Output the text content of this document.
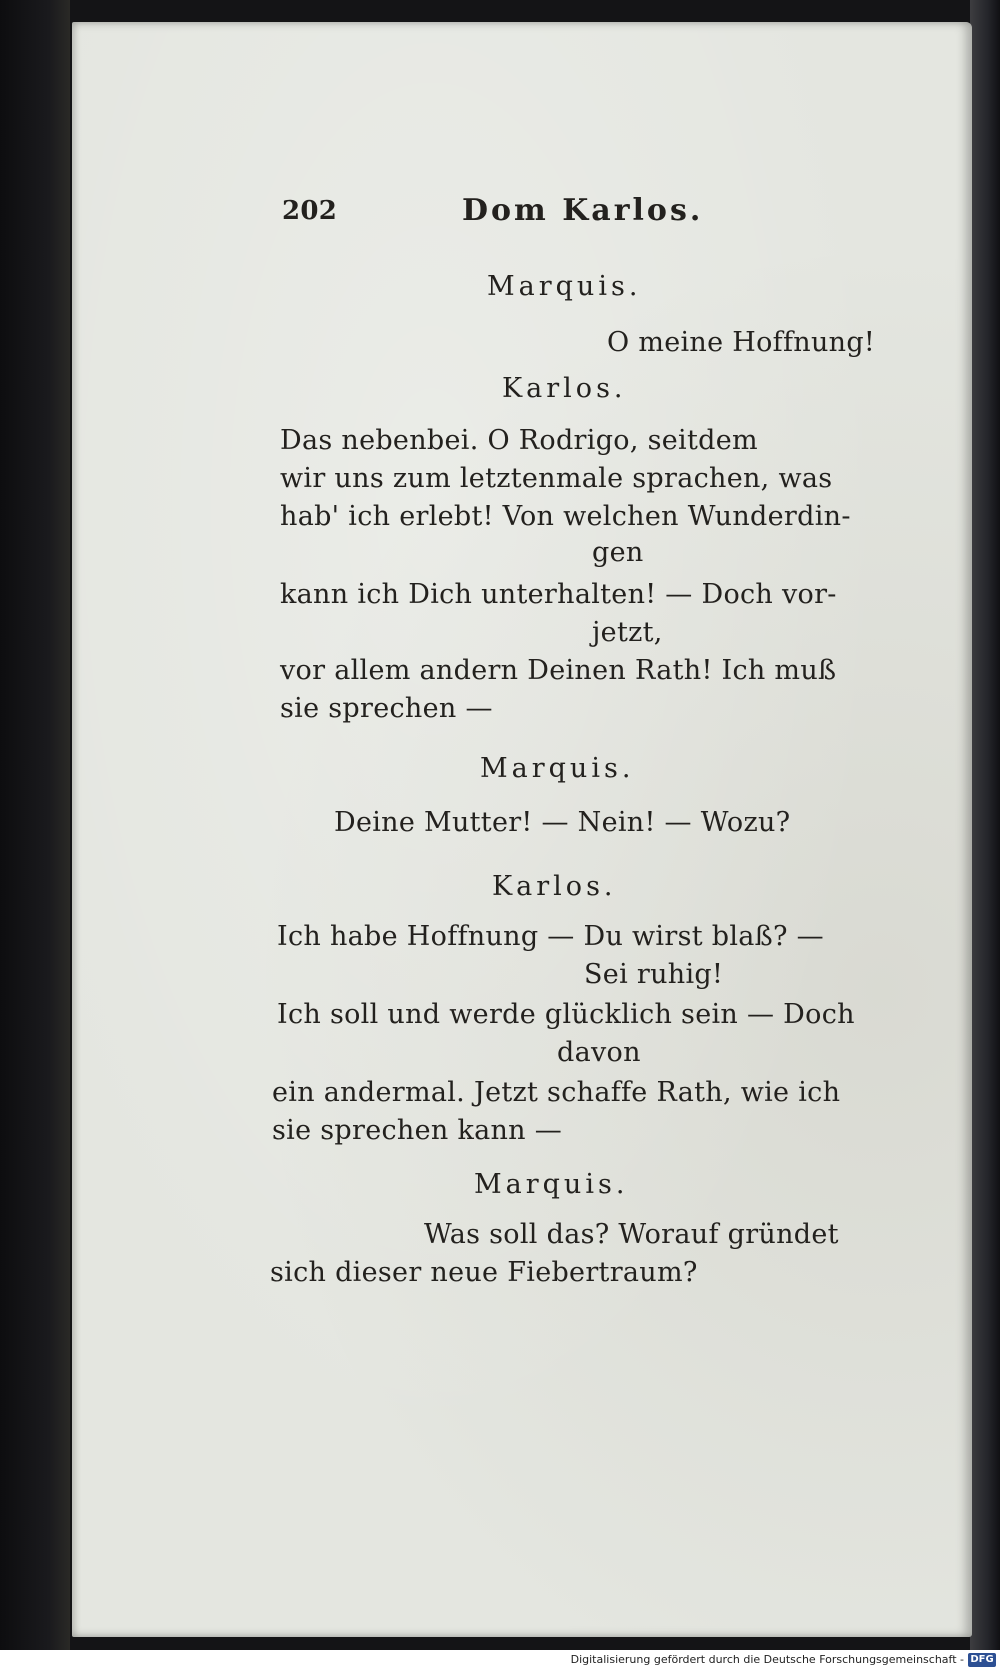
202	Dom Karlos.
Marquis.
O meine Hoffnung!
Karlos.
Das nebenbei. O Rodrigo, seitdem
wir uns zum letztenmale sprachen, was
hab' ich erlebt! Von welchen Wunderdin-
gen
kann ich Dich unterhalten! — Doch vor-
jetzt,
vor allem andern Deinen Rath! Ich muß
sie sprechen —
Marquis.
Deine Mutter! — Nein! — Wozu?
Karlos.
Ich habe Hoffnung — Du wirst blaß? —
Sei ruhig!
Ich soll und werde glücklich sein — Doch
davon
ein andermal. Jetzt schaffe Rath, wie ich
sie sprechen kann —
Marquis.
Was soll das? Worauf gründet
sich dieser neue Fiebertraum?
Digitalisierung gefördert durch die Deutsche Forschungsgemeinschaft - DFG
